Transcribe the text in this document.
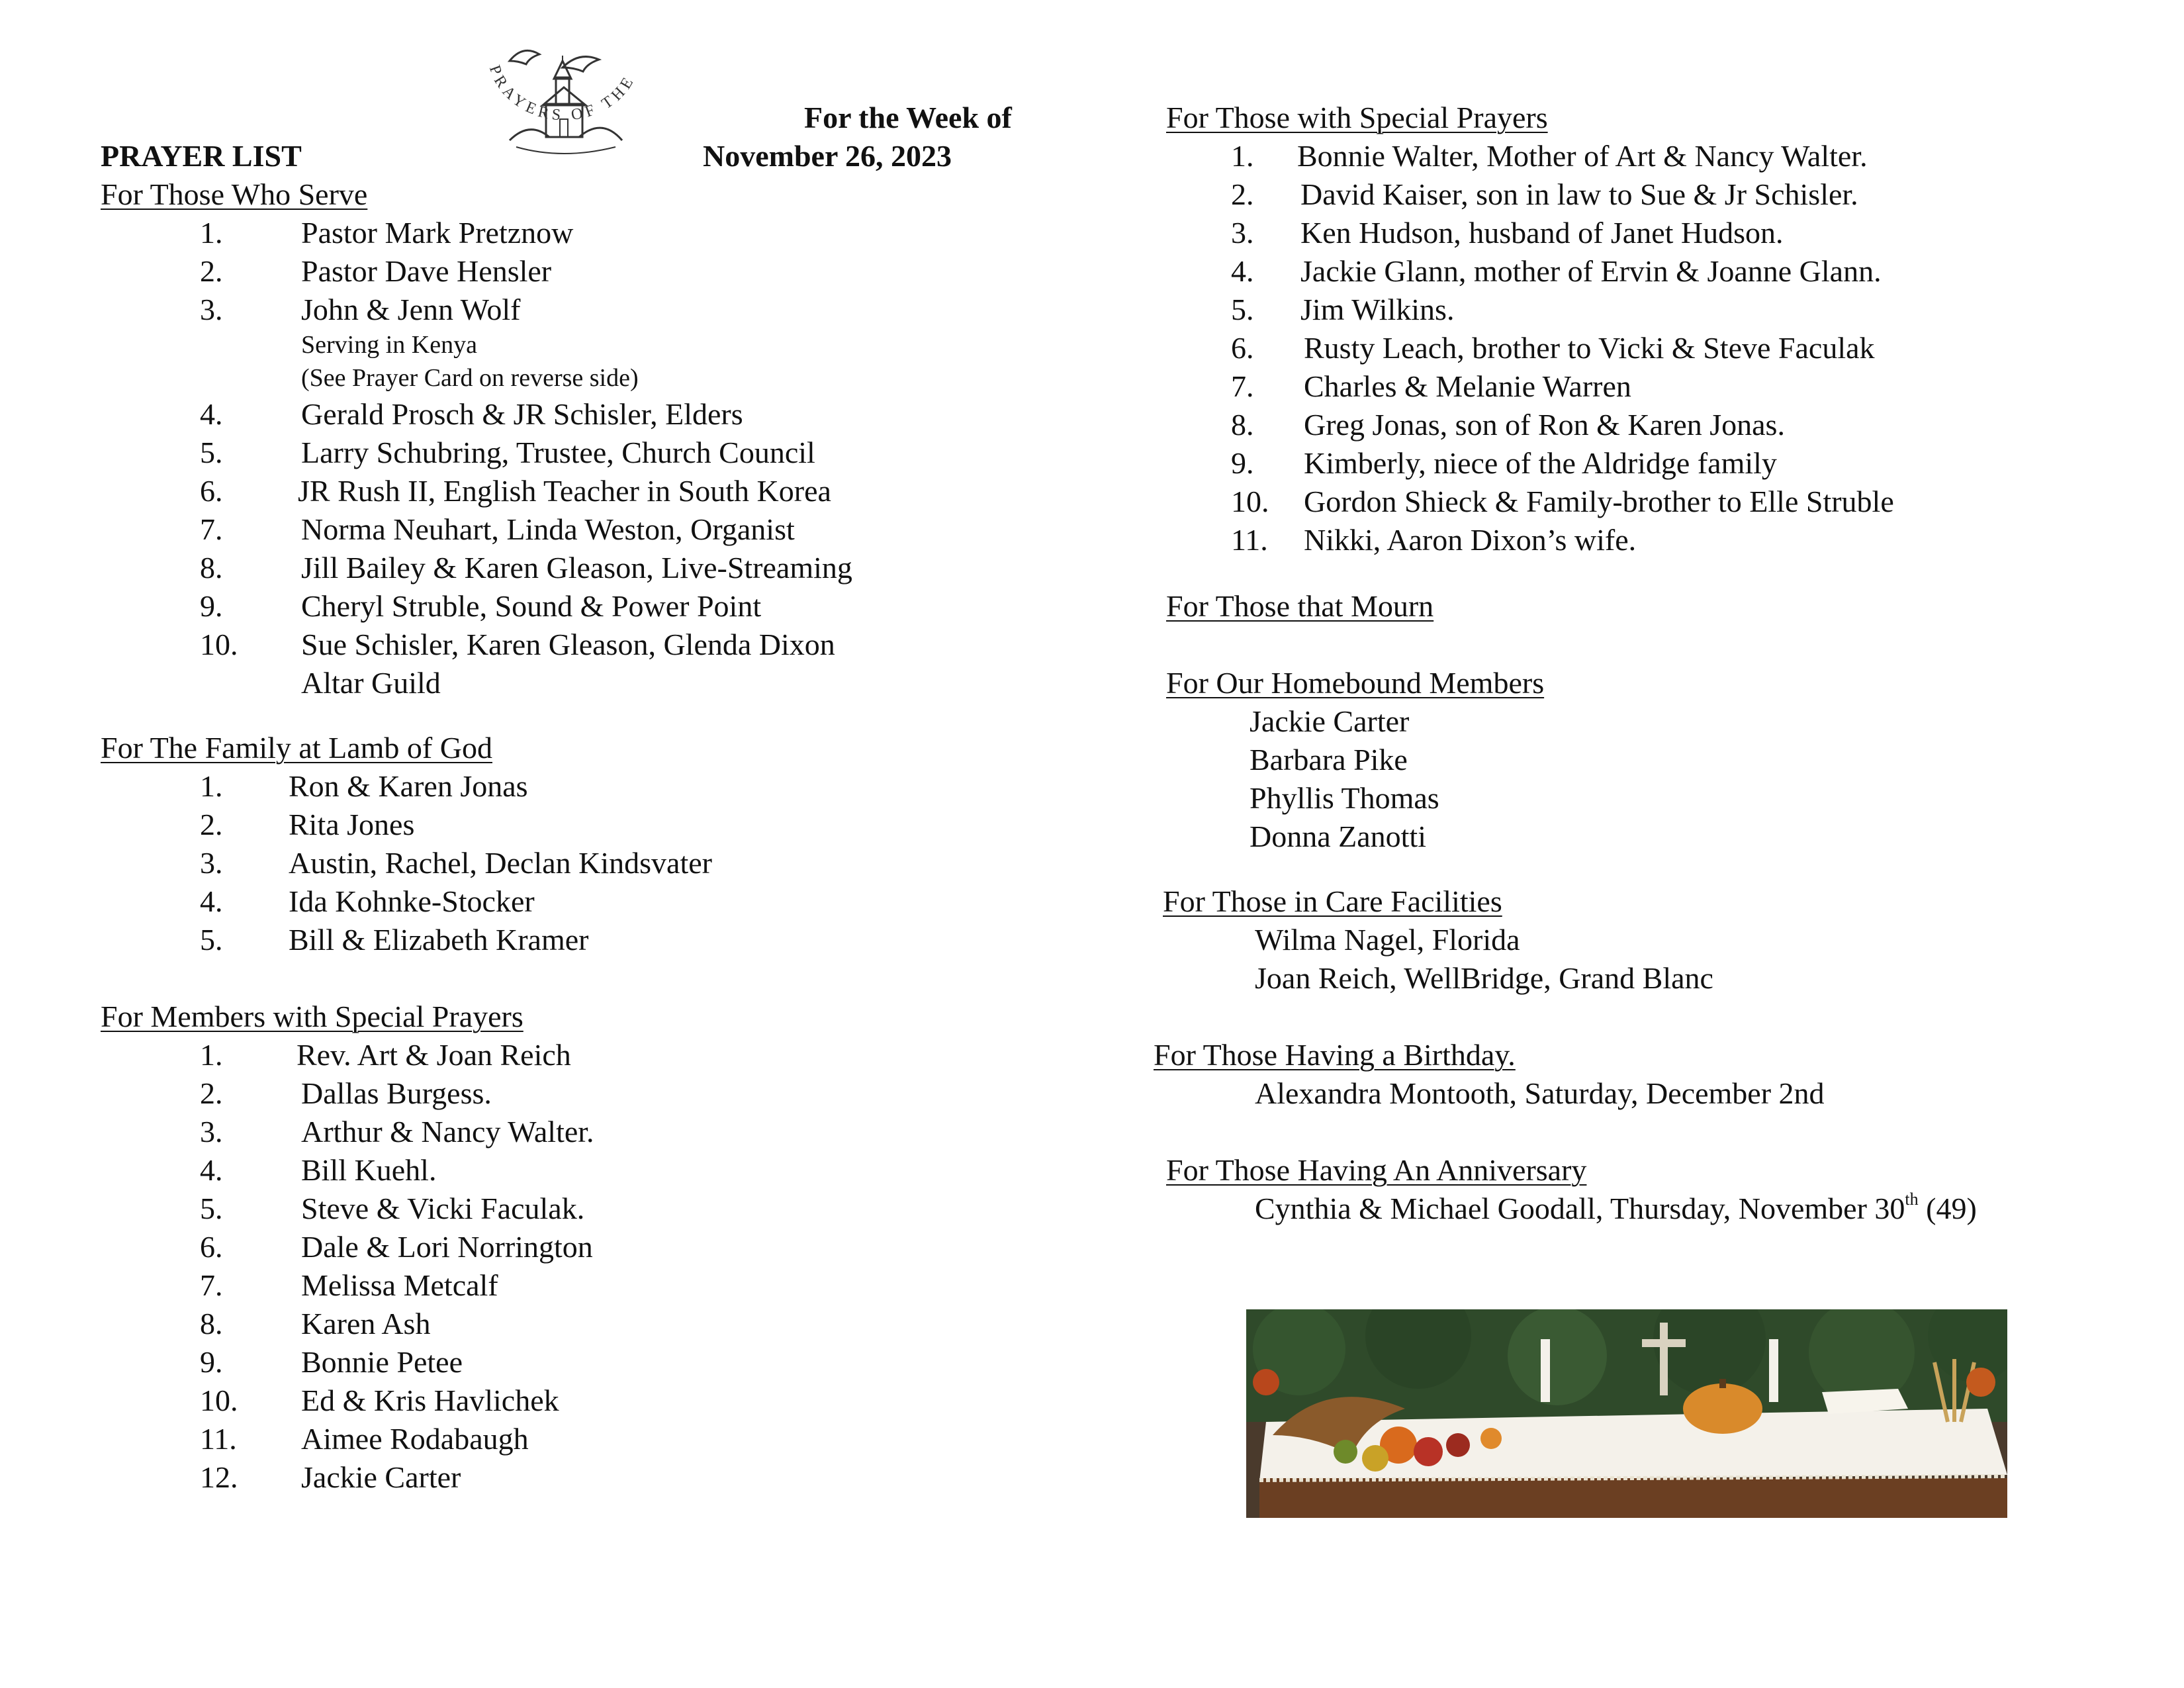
PRAYERS OF THE
For the Week of
PRAYER LIST	November 26, 2023
For Those Who Serve
1.	Pastor Mark Pretznow
2.	Pastor Dave Hensler
3.	John & Jenn Wolf
Serving in Kenya
(See Prayer Card on reverse side)
4.	Gerald Prosch & JR Schisler, Elders
5.	Larry Schubring, Trustee, Church Council
6. JR Rush II, English Teacher in South Korea
7.	Norma Neuhart, Linda Weston, Organist
8.	Jill Bailey & Karen Gleason, Live-Streaming
9.	Cheryl Struble, Sound & Power Point
10. Sue Schisler, Karen Gleason, Glenda Dixon
Altar Guild
For The Family at Lamb of God
1. Ron & Karen Jonas
2. Rita Jones
3. Austin, Rachel, Declan Kindsvater
4. Ida Kohnke-Stocker
5. Bill & Elizabeth Kramer
For Members with Special Prayers
1. Rev. Art & Joan Reich
2.	Dallas Burgess.
3.	Arthur & Nancy Walter.
4.	Bill Kuehl.
5.	Steve & Vicki Faculak.
6.	Dale & Lori Norrington
7.	Melissa Metcalf
8.	Karen Ash
9.	Bonnie Petee
10. Ed & Kris Havlichek
11. Aimee Rodabaugh
12. Jackie Carter
For Those with Special Prayers
1. Bonnie Walter, Mother of Art & Nancy Walter.
2. David Kaiser, son in law to Sue & Jr Schisler.
3. Ken Hudson, husband of Janet Hudson.
4. Jackie Glann, mother of Ervin & Joanne Glann.
5. Jim Wilkins.
6. Rusty Leach, brother to Vicki & Steve Faculak
7. Charles & Melanie Warren
8. Greg Jonas, son of Ron & Karen Jonas.
9. Kimberly, niece of the Aldridge family
10. Gordon Shieck & Family-brother to Elle Struble
11. Nikki, Aaron Dixon’s wife.
For Those that Mourn
For Our Homebound Members
Jackie Carter
Barbara Pike
Phyllis Thomas
Donna Zanotti
For Those in Care Facilities
Wilma Nagel, Florida
Joan Reich, WellBridge, Grand Blanc
For Those Having a Birthday.
Alexandra Montooth, Saturday, December 2nd
For Those Having An Anniversary
Cynthia & Michael Goodall, Thursday, November 30th (49)
